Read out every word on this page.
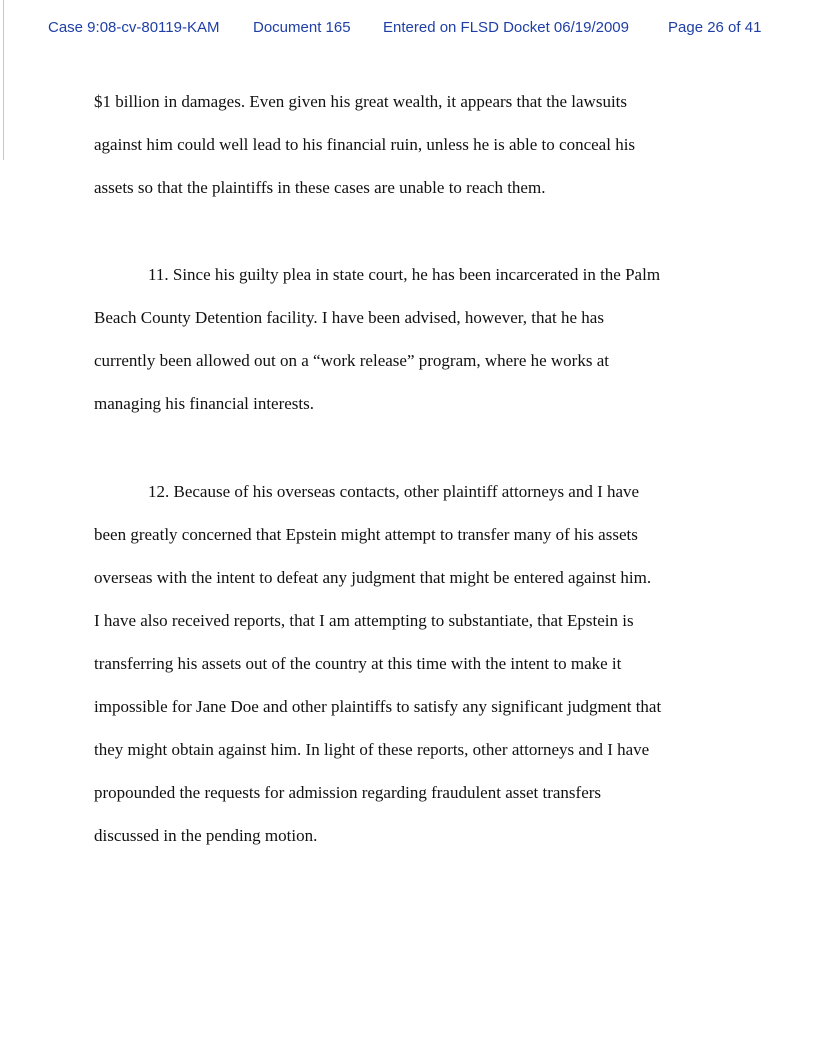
Case 9:08-cv-80119-KAM Document 165 Entered on FLSD Docket 06/19/2009	Page 26 of 41
$1 billion in damages. Even given his great wealth, it appears that the lawsuits
against him could well lead to his financial ruin, unless he is able to conceal his
assets so that the plaintiffs in these cases are unable to reach them.
11. Since his guilty plea in state court, he has been incarcerated in the Palm
Beach County Detention facility. I have been advised, however, that he has
currently been allowed out on a “work release” program, where he works at
managing his financial interests.
12. Because of his overseas contacts, other plaintiff attorneys and I have
been greatly concerned that Epstein might attempt to transfer many of his assets
overseas with the intent to defeat any judgment that might be entered against him.
I have also received reports, that I am attempting to substantiate, that Epstein is
transferring his assets out of the country at this time with the intent to make it
impossible for Jane Doe and other plaintiffs to satisfy any significant judgment that
they might obtain against him. In light of these reports, other attorneys and I have
propounded the requests for admission regarding fraudulent asset transfers
discussed in the pending motion.
